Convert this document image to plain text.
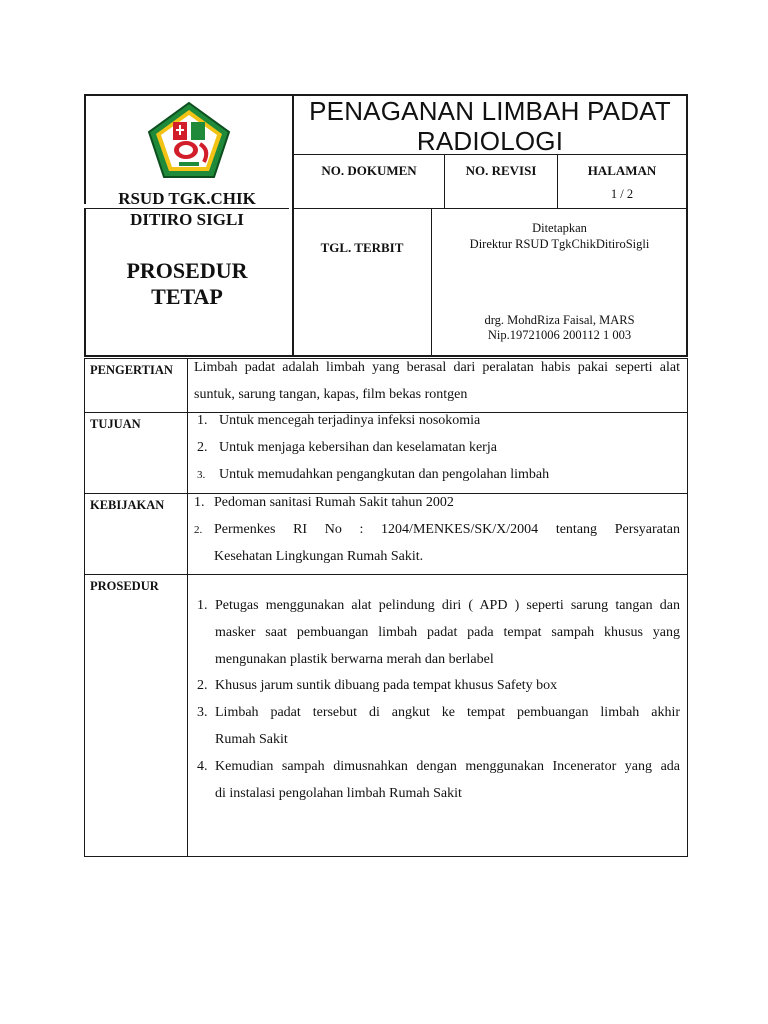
RSUD TGK.CHIK
DITIRO SIGLI
PROSEDUR
TETAP
PENAGANAN LIMBAH PADAT
RADIOLOGI
NO. DOKUMEN	NO. REVISI	HALAMAN
1 / 2
TGL. TERBIT
Ditetapkan
Direktur RSUD TgkChikDitiroSigli
drg. MohdRiza Faisal, MARS
Nip.19721006 200112 1 003
PENGERTIAN Limbah padat adalah limbah yang berasal dari peralatan habis pakai seperti alat
suntuk, sarung tangan, kapas, film bekas rontgen
TUJUAN	1. Untuk mencegah terjadinya infeksi nosokomia
2. Untuk menjaga kebersihan dan keselamatan kerja
3. Untuk memudahkan pengangkutan dan pengolahan limbah
KEBIJAKAN 1. Pedoman sanitasi Rumah Sakit tahun 2002
2. Permenkes RI No : 1204/MENKES/SK/X/2004 tentang Persyaratan
Kesehatan Lingkungan Rumah Sakit.
PROSEDUR
1. Petugas menggunakan alat pelindung diri ( APD ) seperti sarung tangan dan
masker saat pembuangan limbah padat pada tempat sampah khusus yang
mengunakan plastik berwarna merah dan berlabel
2. Khusus jarum suntik dibuang pada tempat khusus Safety box
3. Limbah padat tersebut di angkut ke tempat pembuangan limbah akhir
Rumah Sakit
4. Kemudian sampah dimusnahkan dengan menggunakan Incenerator yang ada
di instalasi pengolahan limbah Rumah Sakit
